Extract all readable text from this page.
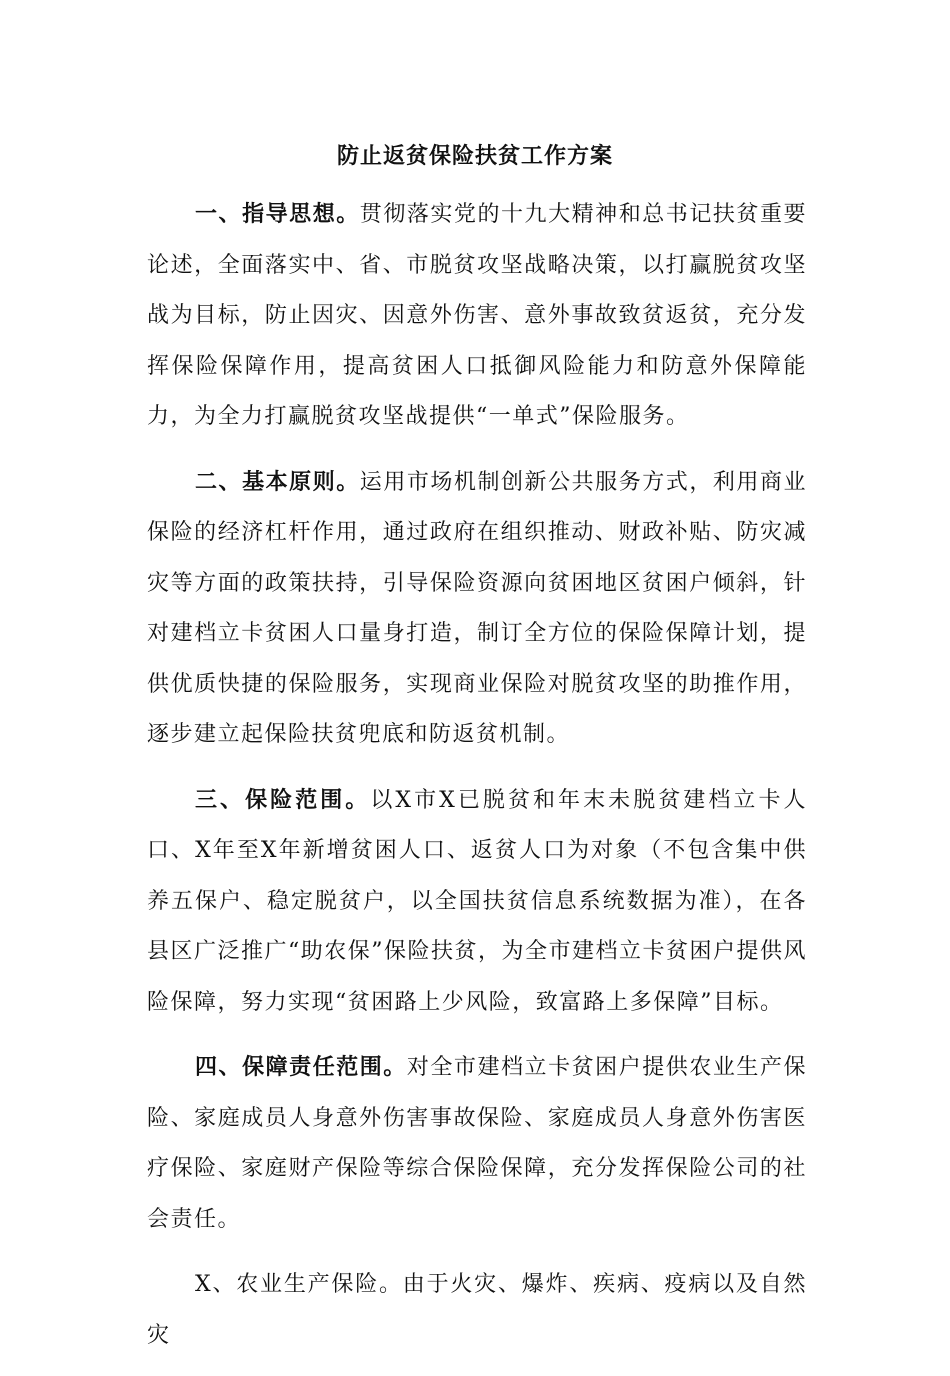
防止返贫保险扶贫工作方案

一、指导思想。贯彻落实党的十九大精神和总书记扶贫重要论述，全面落实中、省、市脱贫攻坚战略决策，以打赢脱贫攻坚战为目标，防止因灾、因意外伤害、意外事故致贫返贫，充分发挥保险保障作用，提高贫困人口抵御风险能力和防意外保障能力，为全力打赢脱贫攻坚战提供“一单式”保险服务。

二、基本原则。运用市场机制创新公共服务方式，利用商业保险的经济杠杆作用，通过政府在组织推动、财政补贴、防灾减灾等方面的政策扶持，引导保险资源向贫困地区贫困户倾斜，针对建档立卡贫困人口量身打造，制订全方位的保险保障计划，提供优质快捷的保险服务，实现商业保险对脱贫攻坚的助推作用，逐步建立起保险扶贫兜底和防返贫机制。

三、保险范围。以X市X已脱贫和年末未脱贫建档立卡人口、X年至X年新增贫困人口、返贫人口为对象（不包含集中供养五保户、稳定脱贫户，以全国扶贫信息系统数据为准），在各县区广泛推广“助农保”保险扶贫，为全市建档立卡贫困户提供风险保障，努力实现“贫困路上少风险，致富路上多保障”目标。

四、保障责任范围。对全市建档立卡贫困户提供农业生产保险、家庭成员人身意外伤害事故保险、家庭成员人身意外伤害医疗保险、家庭财产保险等综合保险保障，充分发挥保险公司的社会责任。

X、农业生产保险。由于火灾、爆炸、疾病、疫病以及自然灾
